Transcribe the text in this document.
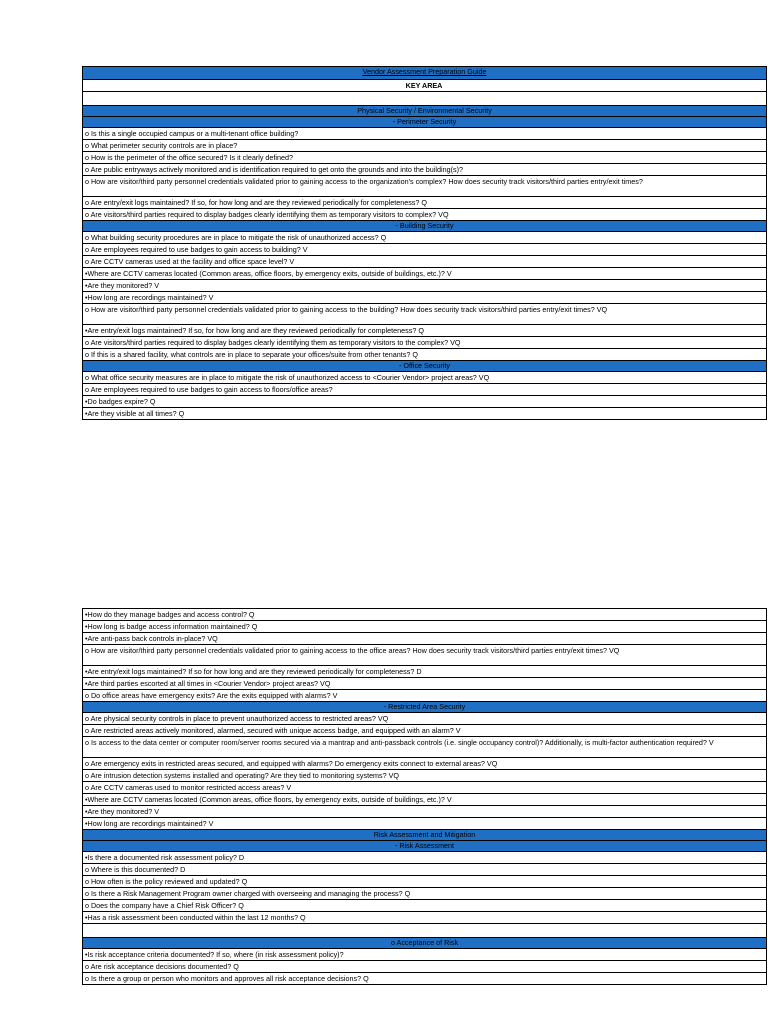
Vendor Assessment Preparation Guide
KEY AREA
Physical Security / Environmental Security
- Perimeter Security
o Is this a single occupied campus or a multi-tenant office building?
o What perimeter security controls are in place?
o How is the perimeter of the office secured? Is it clearly defined?
o Are public entryways actively monitored and is identification required to get onto the grounds and into the building(s)?
o How are visitor/third party personnel credentials validated prior to gaining access to the organization's complex? How does security track visitors/third parties entry/exit times?
o Are entry/exit logs maintained? If so, for how long and are they reviewed periodically for completeness? Q
o Are visitors/third parties required to display badges clearly identifying them as temporary visitors to complex? VQ
- Building Security
o What building security procedures are in place to mitigate the risk of unauthorized access? Q
o Are employees required to use badges to gain access to building? V
o Are CCTV cameras used at the facility and office space level? V
•Where are CCTV cameras located (Common areas, office floors, by emergency exits, outside of buildings, etc.)? V
•Are they monitored? V
•How long are recordings maintained? V
o How are visitor/third party personnel credentials validated prior to gaining access to the building? How does security track visitors/third parties entry/exit times? VQ
•Are entry/exit logs maintained? If so, for how long and are they reviewed periodically for completeness? Q
o Are visitors/third parties required to display badges clearly identifying them as temporary visitors to the complex? VQ
o If this is a shared facility, what controls are in place to separate your offices/suite from other tenants? Q
- Office Security
o What office security measures are in place to mitigate the risk of unauthorized access to <Courier Vendor> project areas? VQ
o Are employees required to use badges to gain access to floors/office areas?
•Do badges expire? Q
•Are they visible at all times? Q
•How do they manage badges and access control? Q
•How long is badge access information maintained? Q
•Are anti-pass back controls in-place? VQ
o How are visitor/third party personnel credentials validated prior to gaining access to the office areas? How does security track visitors/third parties entry/exit times? VQ
•Are entry/exit logs maintained? If so for how long and are they reviewed periodically for completeness? D
•Are third parties escorted at all times in <Courier Vendor> project areas? VQ
o Do office areas have emergency exits? Are the exits equipped with alarms? V
- Restricted Area Security
o Are physical security controls in place to prevent unauthorized access to restricted areas? VQ
o Are restricted areas actively monitored, alarmed, secured with unique access badge, and equipped with an alarm? V
o Is access to the data center or computer room/server rooms secured via a mantrap and anti-passback controls (i.e. single occupancy control)? Additionally, is multi-factor authentication required? V
o Are emergency exits in restricted areas secured, and equipped with alarms? Do emergency exits connect to external areas? VQ
o Are intrusion detection systems installed and operating? Are they tied to monitoring systems? VQ
o Are CCTV cameras used to monitor restricted access areas? V
•Where are CCTV cameras located (Common areas, office floors, by emergency exits, outside of buildings, etc.)? V
•Are they monitored? V
•How long are recordings maintained? V
Risk Assessment and Mitigation
- Risk Assessment
•Is there a documented risk assessment policy? D
o Where is this documented? D
o How often is the policy reviewed and updated? Q
o Is there a Risk Management Program owner charged with overseeing and managing the process? Q
o Does the company have a Chief Risk Officer? Q
•Has a risk assessment been conducted within the last 12 months? Q
o Acceptance of Risk
•Is risk acceptance criteria documented? If so, where (in risk assessment policy)?
o Are risk acceptance decisions documented? Q
o Is there a group or person who monitors and approves all risk acceptance decisions? Q
